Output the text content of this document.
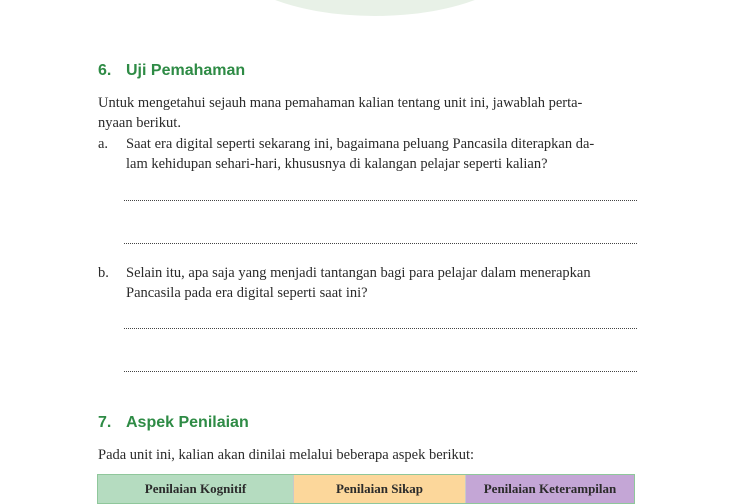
6. Uji Pemahaman

Untuk mengetahui sejauh mana pemahaman kalian tentang unit ini, jawablah perta-
nyaan berikut.

a. Saat era digital seperti sekarang ini, bagaimana peluang Pancasila diterapkan da-
lam kehidupan sehari-hari, khususnya di kalangan pelajar seperti kalian?
b. Selain itu, apa saja yang menjadi tantangan bagi para pelajar dalam menerapkan
Pancasila pada era digital seperti saat ini?
7. Aspek Penilaian

Pada unit ini, kalian akan dinilai melalui beberapa aspek berikut:

Penilaian Kognitif	Penilaian Sikap	Penilaian Keterampilan
